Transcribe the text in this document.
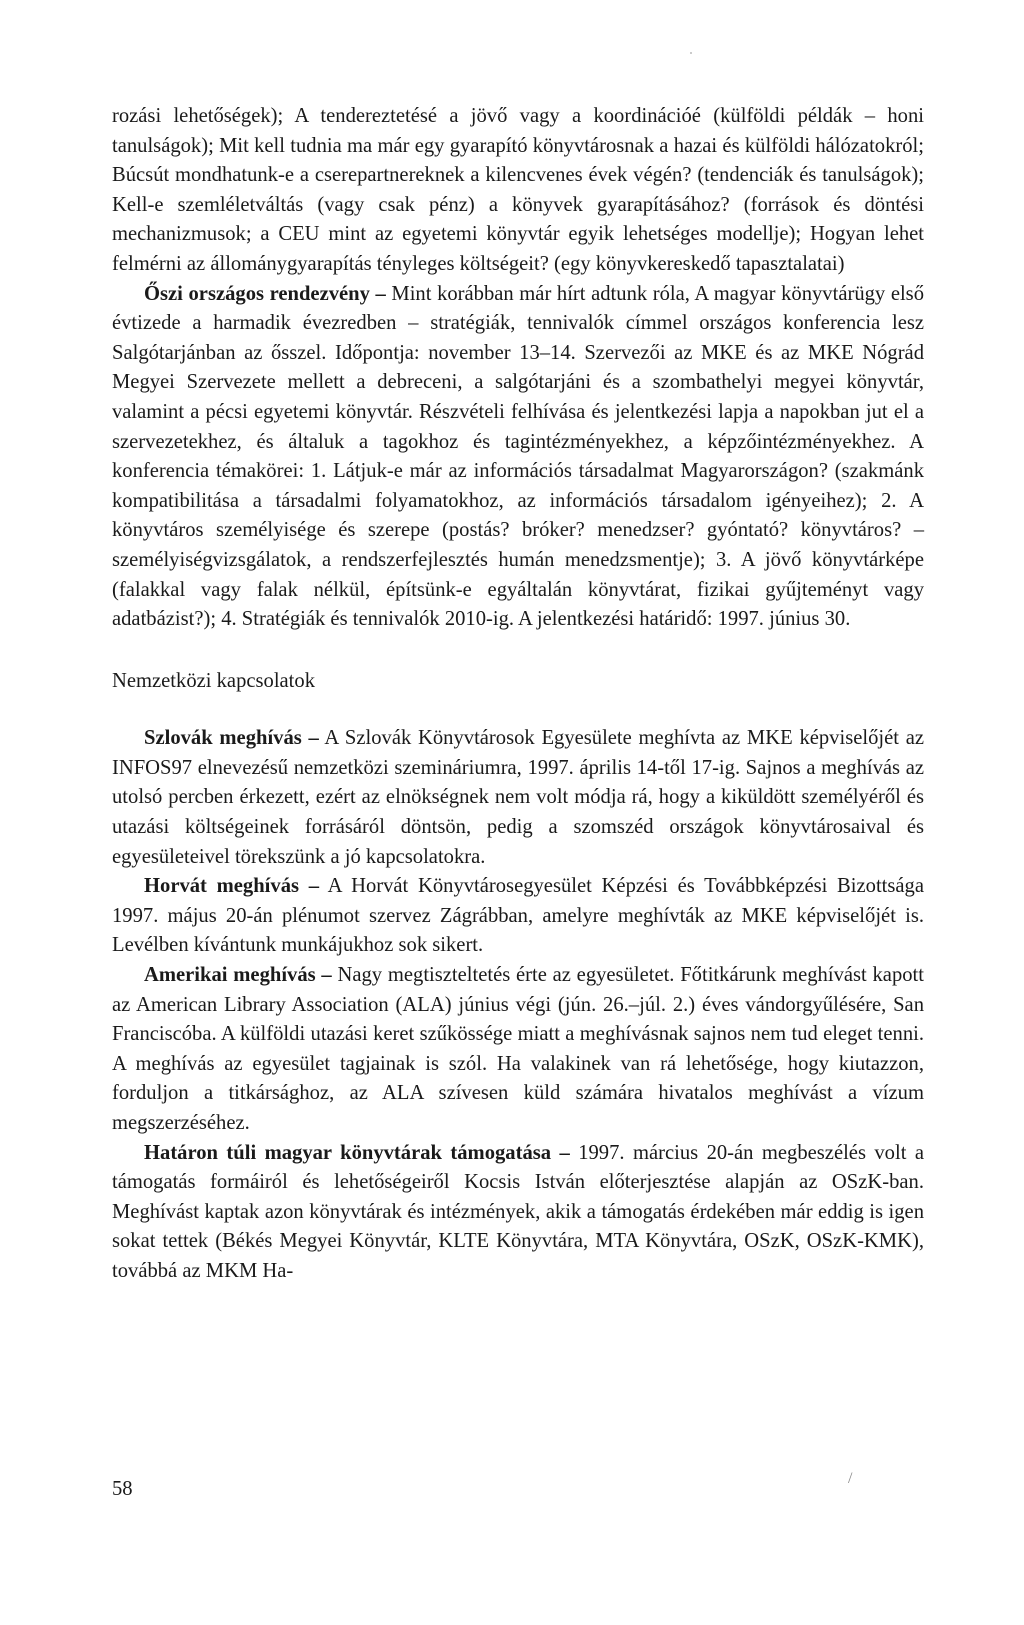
rozási lehetőségek); A tendereztetésé a jövő vagy a koordinációé (külföldi példák – honi tanulságok); Mit kell tudnia ma már egy gyarapító könyvtárosnak a hazai és külföldi hálózatokról; Búcsút mondhatunk-e a cserepartnereknek a kilencvenes évek végén? (tendenciák és tanulságok); Kell-e szemléletváltás (vagy csak pénz) a könyvek gyarapításához? (források és döntési mechanizmusok; a CEU mint az egyetemi könyvtár egyik lehetséges modellje); Hogyan lehet felmérni az állománygyarapítás tényleges költségeit? (egy könyvkereskedő tapasztalatai)

Őszi országos rendezvény – Mint korábban már hírt adtunk róla, A magyar könyvtárügy első évtizede a harmadik évezredben – stratégiák, tennivalók címmel országos konferencia lesz Salgótarjánban az ősszel. Időpontja: november 13–14. Szervezői az MKE és az MKE Nógrád Megyei Szervezete mellett a debreceni, a salgótarjáni és a szombathelyi megyei könyvtár, valamint a pécsi egyetemi könyvtár. Részvételi felhívása és jelentkezési lapja a napokban jut el a szervezetekhez, és általuk a tagokhoz és tagintézményekhez, a képzőintézményekhez. A konferencia témakörei: 1. Látjuk-e már az információs társadalmat Magyarországon? (szakmánk kompatibilitása a társadalmi folyamatokhoz, az információs társadalom igényeihez); 2. A könyvtáros személyisége és szerepe (postás? bróker? menedzser? gyóntató? könyvtáros? – személyiségvizsgálatok, a rendszerfejlesztés humán menedzsmentje); 3. A jövő könyvtárképe (falakkal vagy falak nélkül, építsünk-e egyáltalán könyvtárat, fizikai gyűjteményt vagy adatbázist?); 4. Stratégiák és tennivalók 2010-ig. A jelentkezési határidő: 1997. június 30.

Nemzetközi kapcsolatok

Szlovák meghívás – A Szlovák Könyvtárosok Egyesülete meghívta az MKE képviselőjét az INFOS97 elnevezésű nemzetközi szemináriumra, 1997. április 14-től 17-ig. Sajnos a meghívás az utolsó percben érkezett, ezért az elnökségnek nem volt módja rá, hogy a kiküldött személyéről és utazási költségeinek forrásáról döntsön, pedig a szomszéd országok könyvtárosaival és egyesületeivel törekszünk a jó kapcsolatokra.

Horvát meghívás – A Horvát Könyvtárosegyesület Képzési és Továbbképzési Bizottsága 1997. május 20-án plénumot szervez Zágrábban, amelyre meghívták az MKE képviselőjét is. Levélben kívántunk munkájukhoz sok sikert.

Amerikai meghívás – Nagy megtiszteltetés érte az egyesületet. Főtitkárunk meghívást kapott az American Library Association (ALA) június végi (jún. 26.–júl. 2.) éves vándorgyűlésére, San Franciscóba. A külföldi utazási keret szűkössége miatt a meghívásnak sajnos nem tud eleget tenni. A meghívás az egyesület tagjainak is szól. Ha valakinek van rá lehetősége, hogy kiutazzon, forduljon a titkársághoz, az ALA szívesen küld számára hivatalos meghívást a vízum megszerzéséhez.

Határon túli magyar könyvtárak támogatása – 1997. március 20-án megbeszélés volt a támogatás formáiról és lehetőségeiről Kocsis István előterjesztése alapján az OSzK-ban. Meghívást kaptak azon könyvtárak és intézmények, akik a támogatás érdekében már eddig is igen sokat tettek (Békés Megyei Könyvtár, KLTE Könyvtára, MTA Könyvtára, OSzK, OSzK-KMK), továbbá az MKM Ha-

58	/
